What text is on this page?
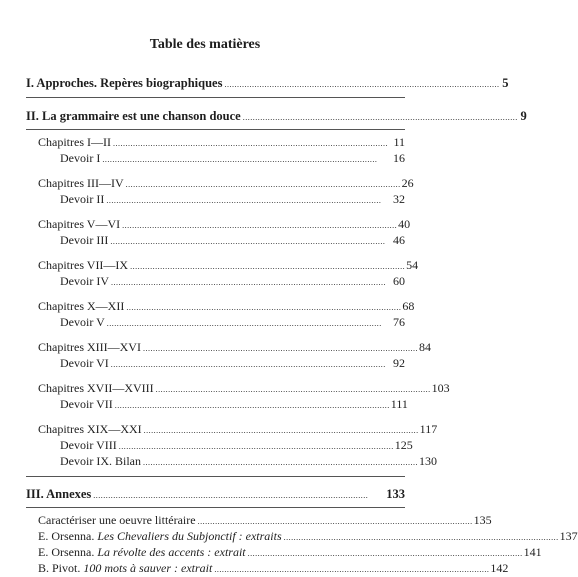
Table des matières
I. Approches. Repères biographiques .............................................................................................................. 5
II. La grammaire est une chanson douce .............................................................................................................. 9
Chapitres I—II .............................................................................................................. 11
Devoir I ..............................................................................................................	16
Chapitres III—IV .............................................................................................................. 26
Devoir II .............................................................................................................. 32
Chapitres V—VI .............................................................................................................. 40
Devoir III .............................................................................................................. 46
Chapitres VII—IX .............................................................................................................. 54
Devoir IV .............................................................................................................. 60
Chapitres X—XII .............................................................................................................. 68
Devoir V .............................................................................................................. 76
Chapitres XIII—XVI .............................................................................................................. 84
Devoir VI .............................................................................................................. 92
Chapitres XVII—XVIII .............................................................................................................. 103
Devoir VII .............................................................................................................. 111
Chapitres XIX—XXI .............................................................................................................. 117
Devoir VIII .............................................................................................................. 125
Devoir IX. Bilan .............................................................................................................. 130
III. Annexes ..............................................................................................................	133
Caractériser une oeuvre littéraire .............................................................................................................. 135
E. Orsenna. Les Chevaliers du Subjonctif : extraits .............................................................................................................. 137
E. Orsenna. La révolte des accents : extrait .............................................................................................................. 141
B. Pivot. 100 mots à sauver : extrait .............................................................................................................. 142
